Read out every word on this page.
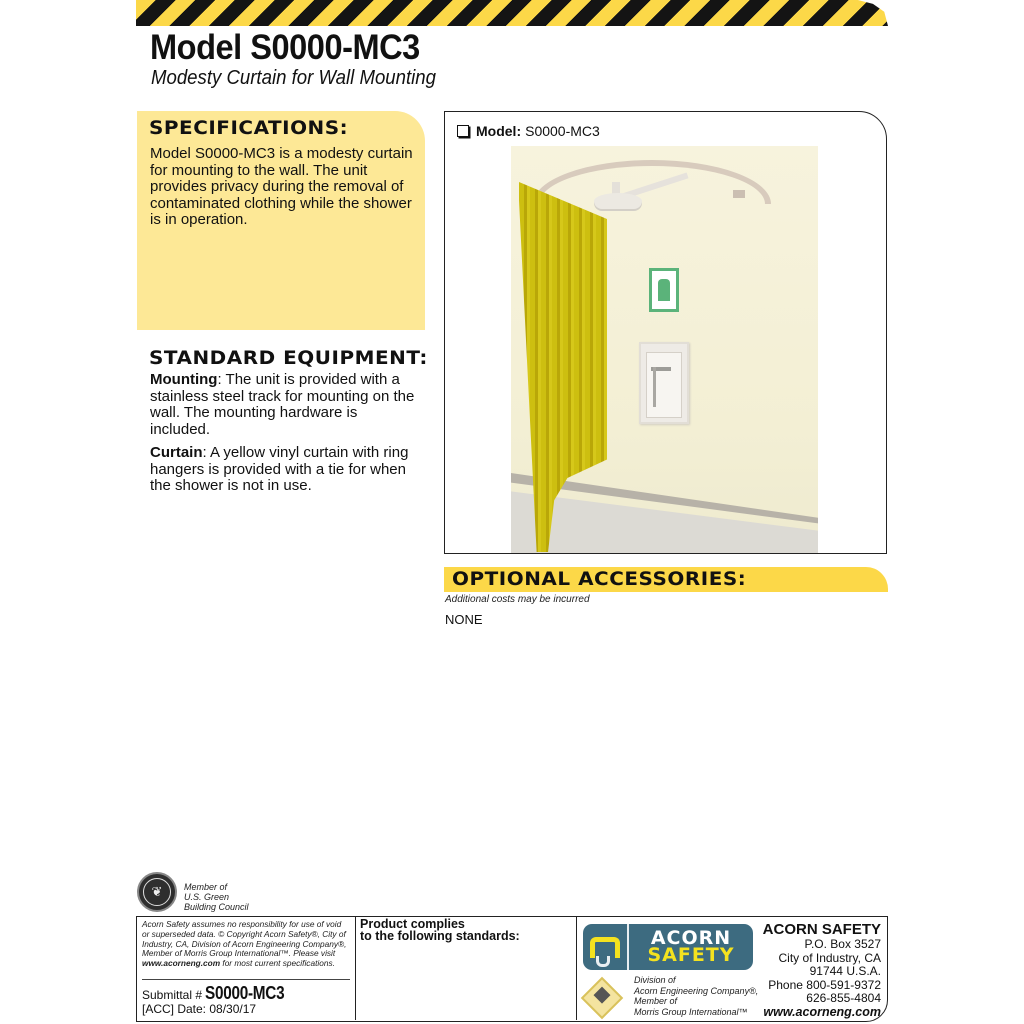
Model S0000-MC3
Modesty Curtain for Wall Mounting
SPECIFICATIONS:
Model S0000-MC3 is a modesty curtain for mounting to the wall. The unit provides privacy during the removal of contaminated clothing while the shower is in operation.
STANDARD EQUIPMENT:

Mounting: The unit is provided with a stainless steel track for mounting on the wall. The mounting hardware is included.

Curtain: A yellow vinyl curtain with ring hangers is provided with a tie for when the shower is not in use.

Model: S0000-MC3
OPTIONAL ACCESSORIES:
Additional costs may be incurred
NONE
❦	Member of
U.S. Green
Building Council
Acorn Safety assumes no responsibility for use of void
or superseded data. © Copyright Acorn Safety®, City of
Industry, CA, Division of Acorn Engineering Company®,
Member of Morris Group International™. Please visit
www.acorneng.com for most current specifications.
Submittal # S0000-MC3
[ACC] Date: 08/30/17
Product complies
to the following standards:	ACORN
SAFETY
Division of
Acorn Engineering Company®,
Member of
Morris Group International™
ACORN SAFETY
P.O. Box 3527
City of Industry, CA
91744 U.S.A.
Phone 800-591-9372
626-855-4804
www.acorneng.com
